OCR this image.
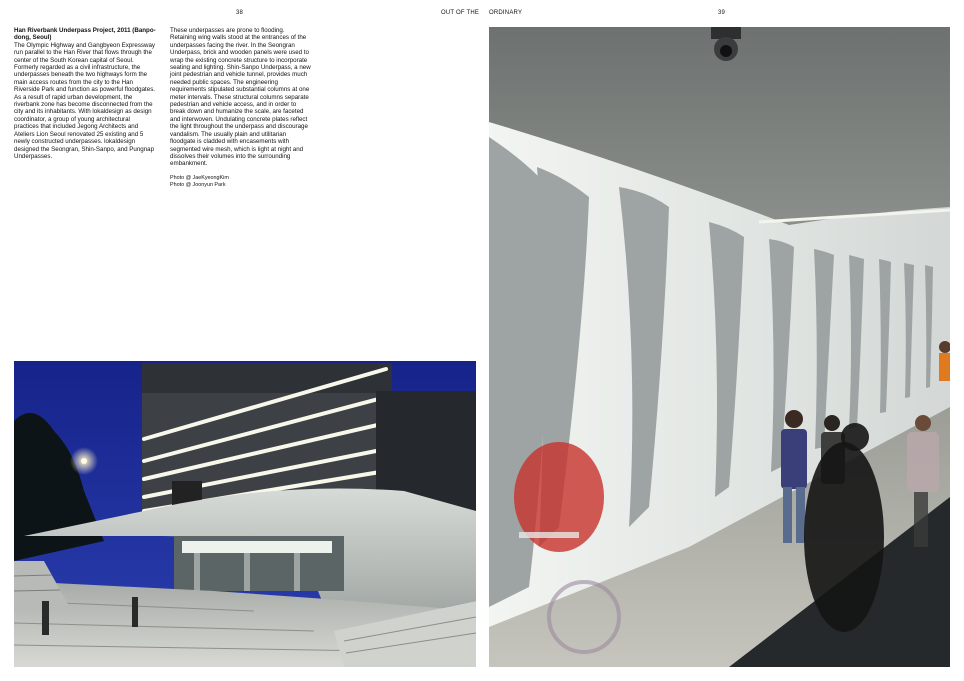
38	OUT OF THE ORDINARY	39

Han Riverbank Underpass Project, 2011 (Banpo-dong, Seoul)

The Olympic Highway and Gangbyeon Expressway run parallel to the Han River that flows through the center of the South Korean capital of Seoul. Formerly regarded as a civil infrastructure, the underpasses beneath the two highways form the main access routes from the city to the Han Riverside Park and function as powerful floodgates. As a result of rapid urban development, the riverbank zone has become disconnected from the city and its inhabitants. With lokaldesign as design coordinator, a group of young architectural practices that included Jegong Architects and Ateliers Lion Seoul renovated 25 existing and 5 newly constructed underpasses. lokaldesign designed the Seongran, Shin-Sanpo, and Pungnap Underpasses.

These underpasses are prone to flooding. Retaining wing walls stood at the entrances of the underpasses facing the river. In the Seongran Underpass, brick and wooden panels were used to wrap the existing concrete structure to incorporate seating and lighting. Shin-Sanpo Underpass, a new joint pedestrian and vehicle tunnel, provides much needed public spaces. The engineering requirements stipulated substantial columns at one meter intervals. These structural columns separate pedestrian and vehicle access, and in order to break down and humanize the scale, are faceted and interwoven. Undulating concrete plates reflect the light throughout the underpass and discourage vandalism. The usually plain and utilitarian floodgate is cladded with encasements with segmented wire mesh, which is light at night and dissolves their volumes into the surrounding embankment.

Photo @ JaeKyeongKim

Photo @ Joonyun Park
